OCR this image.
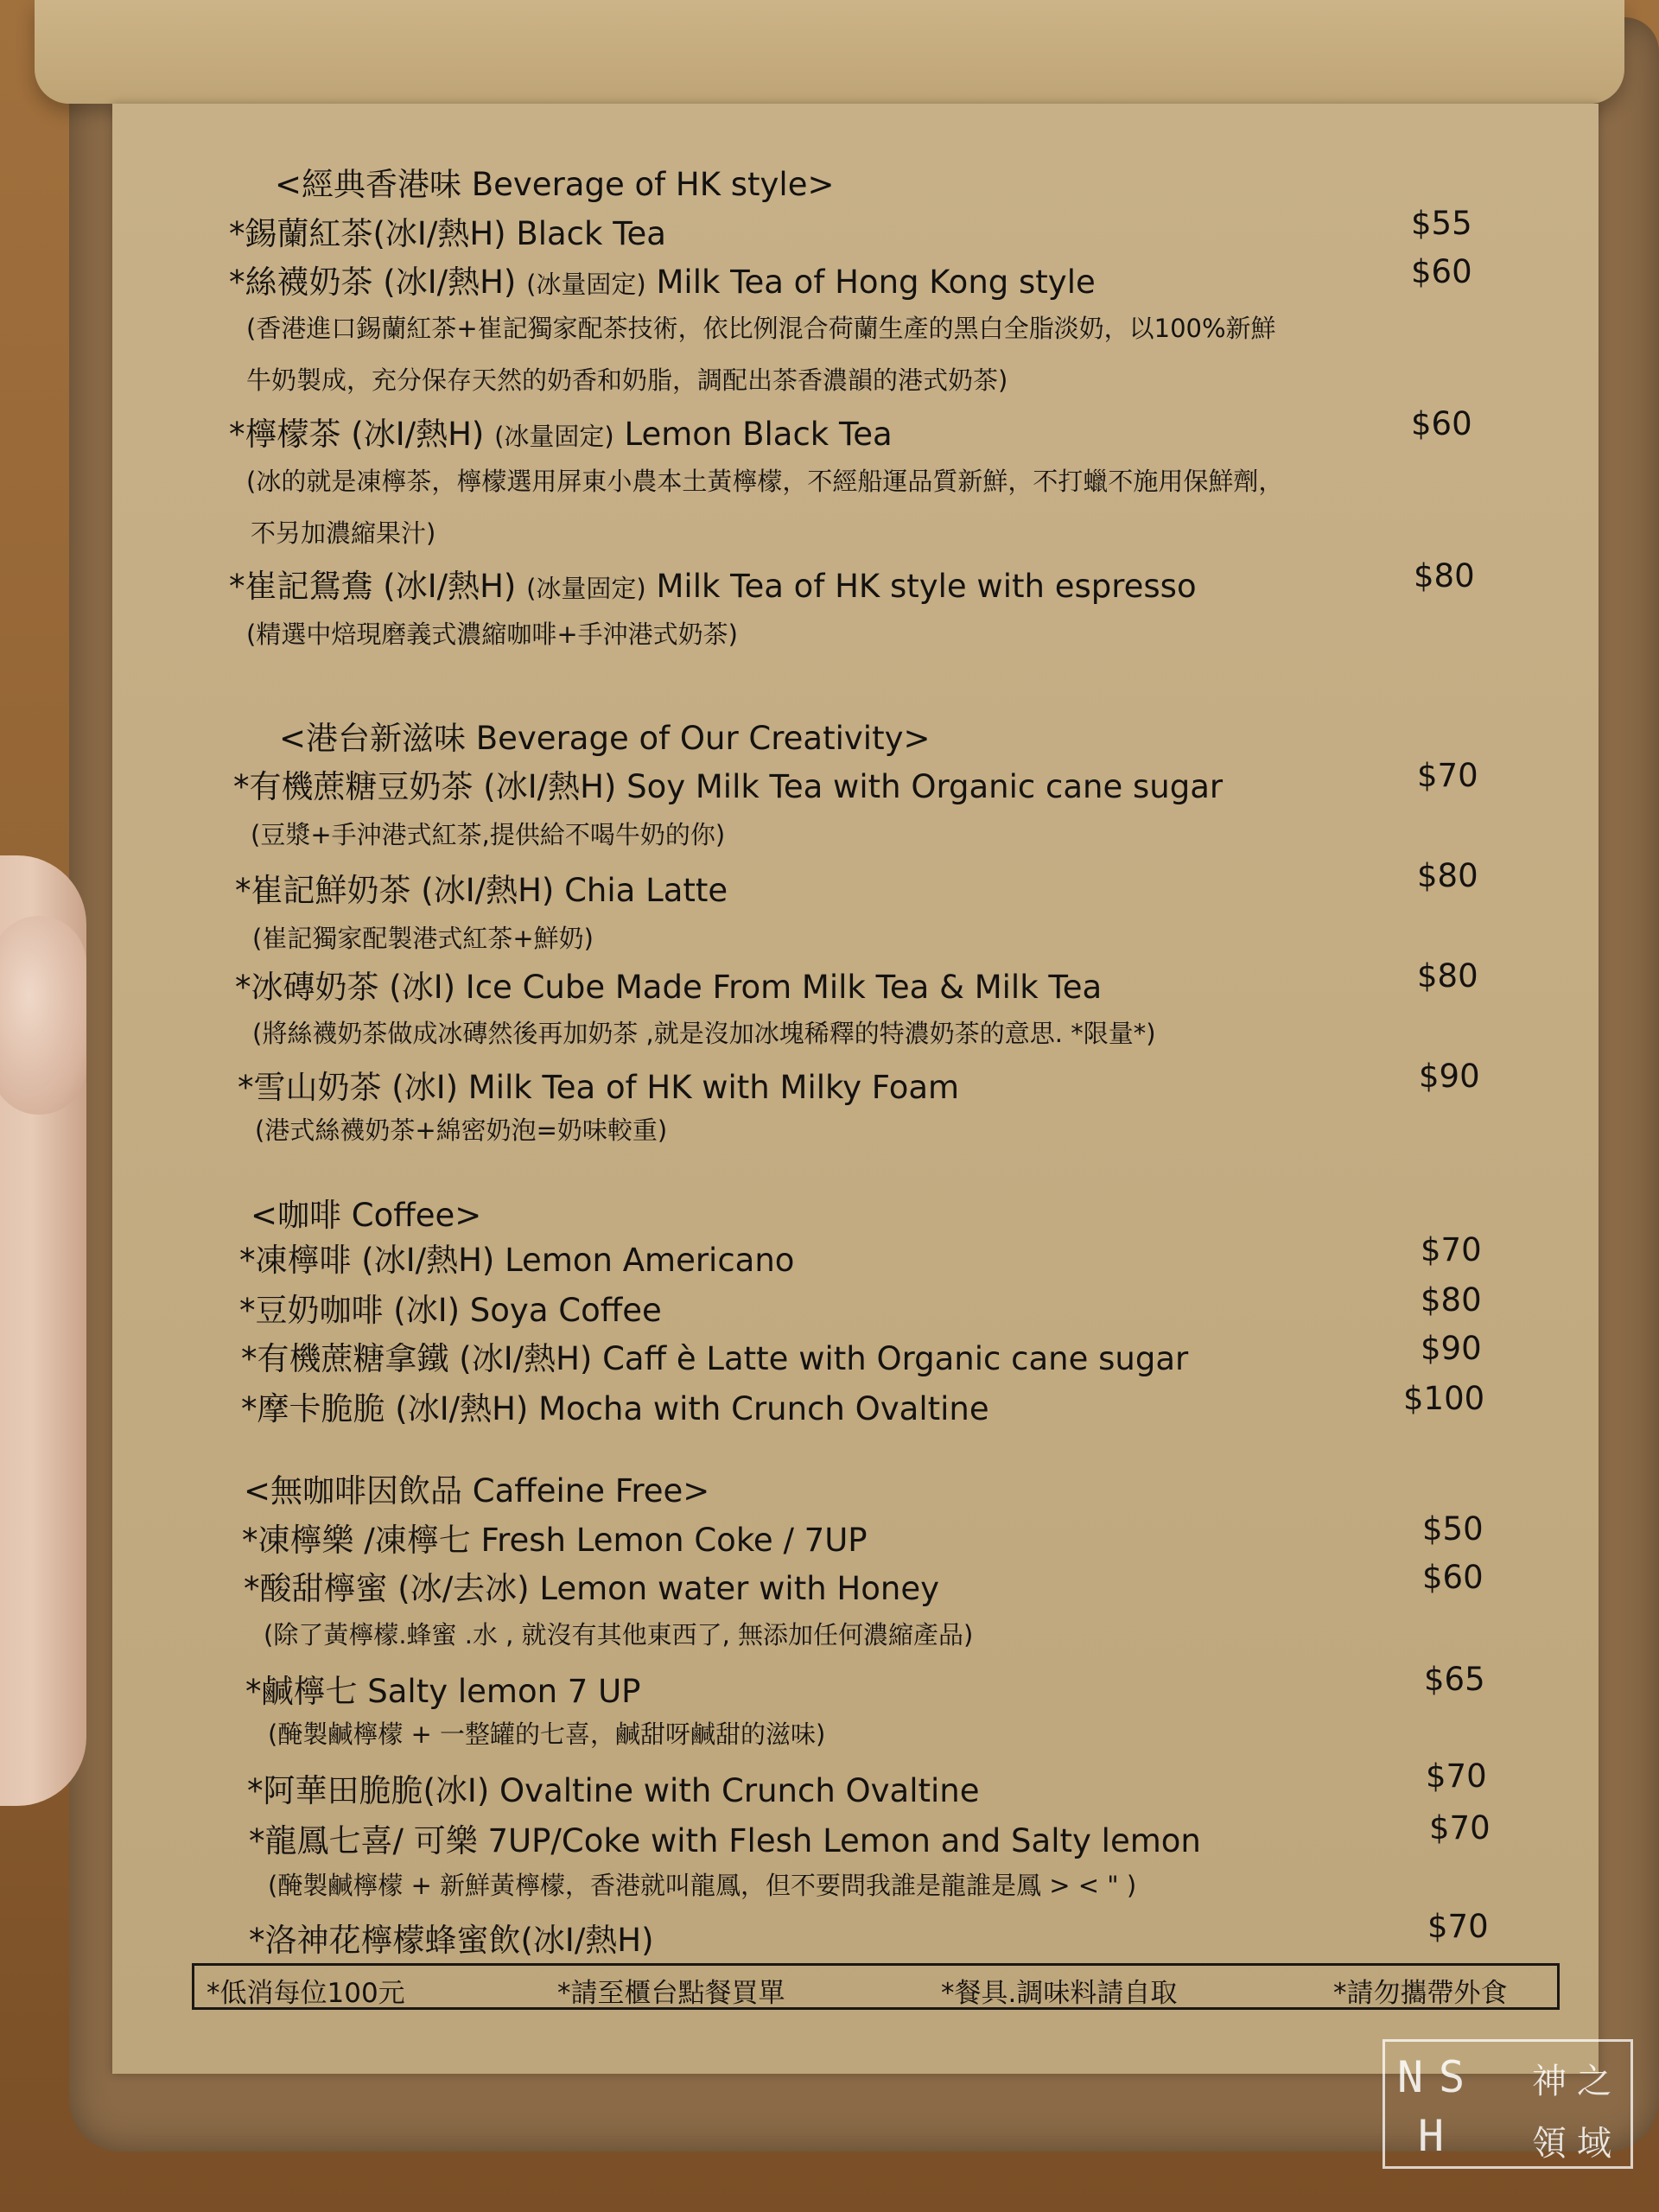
<經典香港味 Beverage of HK style>
*錫蘭紅茶(冰I/熱H) Black Tea	$55
*絲襪奶茶 (冰I/熱H) (冰量固定) Milk Tea of Hong Kong style	$60
(香港進口錫蘭紅茶+崔記獨家配茶技術，依比例混合荷蘭生產的黑白全脂淡奶，以100%新鮮
牛奶製成，充分保存天然的奶香和奶脂，調配出茶香濃韻的港式奶茶)
*檸檬茶 (冰I/熱H) (冰量固定) Lemon Black Tea	$60
(冰的就是凍檸茶，檸檬選用屏東小農本土黃檸檬，不經船運品質新鮮，不打蠟不施用保鮮劑，
不另加濃縮果汁)
*崔記鴛鴦 (冰I/熱H) (冰量固定) Milk Tea of HK style with espresso	$80
(精選中焙現磨義式濃縮咖啡+手沖港式奶茶)
<港台新滋味 Beverage of Our Creativity>
*有機蔗糖豆奶茶 (冰I/熱H) Soy Milk Tea with Organic cane sugar	$70
(豆漿+手沖港式紅茶,提供給不喝牛奶的你)
*崔記鮮奶茶 (冰I/熱H) Chia Latte	$80
(崔記獨家配製港式紅茶+鮮奶)
*冰磚奶茶 (冰I) Ice Cube Made From Milk Tea & Milk Tea	$80
(將絲襪奶茶做成冰磚然後再加奶茶 ,就是沒加冰塊稀釋的特濃奶茶的意思. *限量*)
*雪山奶茶 (冰I) Milk Tea of HK with Milky Foam	$90
(港式絲襪奶茶+綿密奶泡=奶味較重)
<咖啡 Coffee>
*凍檸啡 (冰I/熱H) Lemon Americano	$70
*豆奶咖啡 (冰I) Soya Coffee	$80
*有機蔗糖拿鐵 (冰I/熱H) Caff è Latte with Organic cane sugar	$90
*摩卡脆脆 (冰I/熱H) Mocha with Crunch Ovaltine	$100
<無咖啡因飲品 Caffeine Free>
*凍檸樂 /凍檸七 Fresh Lemon Coke / 7UP	$50
*酸甜檸蜜 (冰/去冰) Lemon water with Honey	$60
(除了黃檸檬.蜂蜜 .水 , 就沒有其他東西了, 無添加任何濃縮產品)
*鹹檸七 Salty lemon 7 UP	$65
(醃製鹹檸檬 + 一整罐的七喜，鹹甜呀鹹甜的滋味)
*阿華田脆脆(冰I) Ovaltine with Crunch Ovaltine	$70
*龍鳳七喜/ 可樂 7UP/Coke with Flesh Lemon and Salty lemon	$70
(醃製鹹檸檬 + 新鮮黃檸檬，香港就叫龍鳳，但不要問我誰是龍誰是鳳 > < " )
*洛神花檸檬蜂蜜飲(冰I/熱H)	$70
*低消每位100元	*請至櫃台點餐買單	*餐具.調味料請自取	*請勿攜帶外食
N S
H
神 之
領 域
